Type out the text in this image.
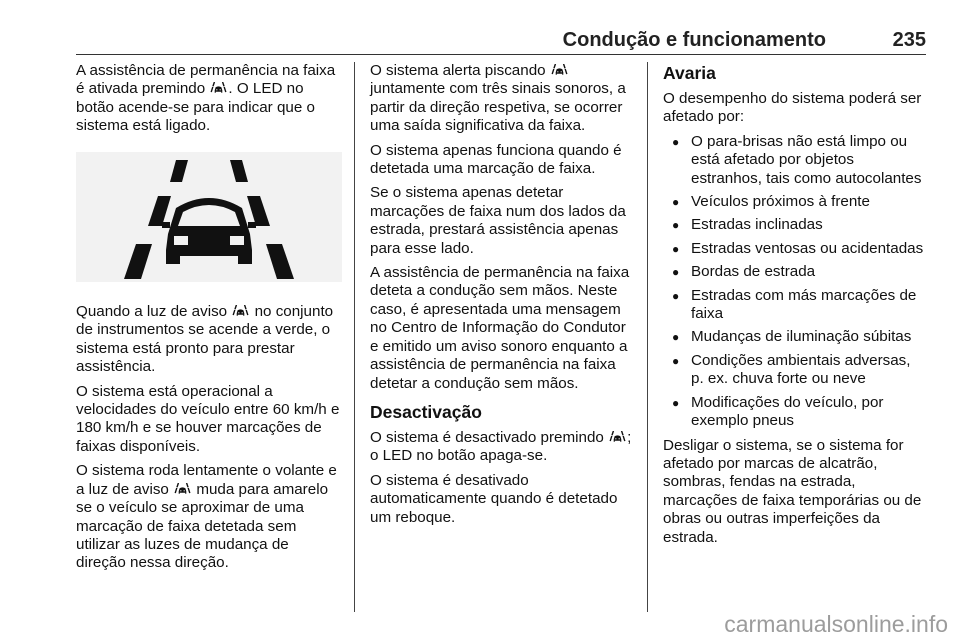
Condução e funcionamento	235

A assistência de permanência na faixa é ativada premindo . O LED no botão acende-se para indicar que o sistema está ligado.

Quando a luz de aviso  no conjunto de instrumentos se acende a verde, o sistema está pronto para prestar assistência.

O sistema está operacional a velocidades do veículo entre 60 km/h e 180 km/h e se houver marcações de faixas disponíveis.

O sistema roda lentamente o volante e a luz de aviso  muda para amarelo se o veículo se aproximar de uma marcação de faixa detetada sem utilizar as luzes de mudança de direção nessa direção.

O sistema alerta piscando  juntamente com três sinais sonoros, a partir da direção respetiva, se ocorrer uma saída significativa da faixa.

O sistema apenas funciona quando é detetada uma marcação de faixa.

Se o sistema apenas detetar marcações de faixa num dos lados da estrada, prestará assistência apenas para esse lado.

A assistência de permanência na faixa deteta a condução sem mãos. Neste caso, é apresentada uma mensagem no Centro de Informação do Condutor e emitido um aviso sonoro enquanto a assistência de permanência na faixa detetar a condução sem mãos.

Desactivação

O sistema é desactivado premindo ; o LED no botão apaga-se.

O sistema é desativado automaticamente quando é detetado um reboque.

Avaria

O desempenho do sistema poderá ser afetado por:

● O para-brisas não está limpo ou está afetado por objetos estranhos, tais como autocolantes
● Veículos próximos à frente
● Estradas inclinadas
● Estradas ventosas ou acidentadas
● Bordas de estrada
● Estradas com más marcações de faixa
● Mudanças de iluminação súbitas
● Condições ambientais adversas, p. ex. chuva forte ou neve
● Modificações do veículo, por exemplo pneus

Desligar o sistema, se o sistema for afetado por marcas de alcatrão, sombras, fendas na estrada, marcações de faixa temporárias ou de obras ou outras imperfeições da estrada.

carmanualsonline.info
